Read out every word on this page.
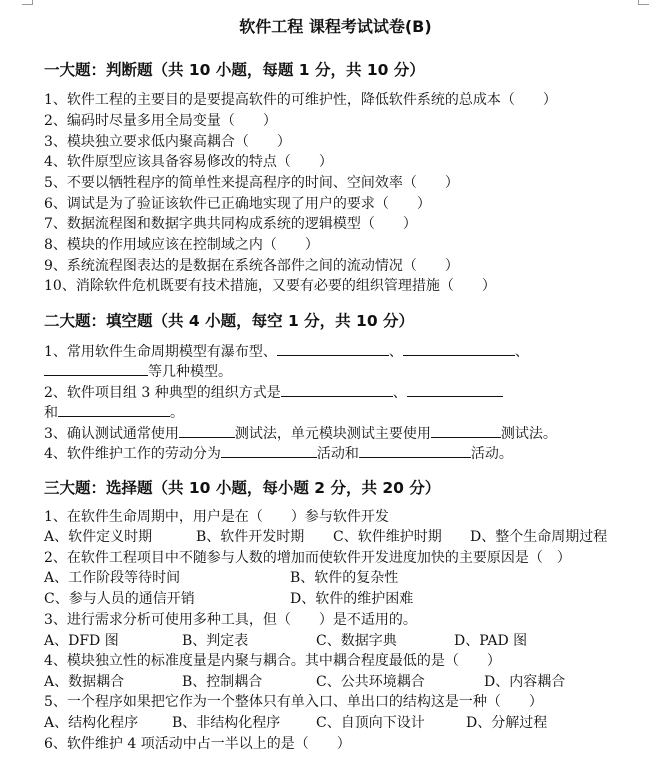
软件工程 课程考试试卷(B)
一大题：判断题（共 10 小题，每题 1 分，共 10 分）
1、软件工程的主要目的是要提高软件的可维护性，降低软件系统的总成本（　　）
2、编码时尽量多用全局变量（　　）
3、模块独立要求低内聚高耦合（　　）
4、软件原型应该具备容易修改的特点（　　）
5、不要以牺牲程序的简单性来提高程序的时间、空间效率（　　）
6、调试是为了验证该软件已正确地实现了用户的要求（　　）
7、数据流程图和数据字典共同构成系统的逻辑模型（　　）
8、模块的作用域应该在控制域之内（　　）
9、系统流程图表达的是数据在系统各部件之间的流动情况（　　）
10、消除软件危机既要有技术措施，又要有必要的组织管理措施（　　）
二大题：填空题（共 4 小题，每空 1 分，共 10 分）
1、常用软件生命周期模型有瀑布型、	、	、
等几种模型。
2、软件项目组 3 种典型的组织方式是	、
和	。
3、确认测试通常使用	测试法，单元模块测试主要使用	测试法。
4、软件维护工作的劳动分为	活动和	活动。
三大题：选择题（共 10 小题，每小题 2 分，共 20 分）
1、在软件生命周期中，用户是在（　　）参与软件开发
A、软件定义时期	B、软件开发时期 C、软件维护时期 D、整个生命周期过程
2、在软件工程项目中不随参与人数的增加而使软件开发进度加快的主要原因是（　）
A、工作阶段等待时间	B、软件的复杂性
C、参与人员的通信开销	D、软件的维护困难
3、进行需求分析可使用多种工具，但（　　）是不适用的。
A、DFD 图	B、判定表	C、数据字典	D、PAD 图
4、模块独立性的标准度量是内聚与耦合。其中耦合程度最低的是（　　）
A、数据耦合	B、控制耦合	C、公共环境耦合	D、内容耦合
5、一个程序如果把它作为一个整体只有单入口、单出口的结构这是一种（　　）
A、结构化程序 B、非结构化程序	C、自顶向下设计	D、分解过程
6、软件维护 4 项活动中占一半以上的是（　　）
